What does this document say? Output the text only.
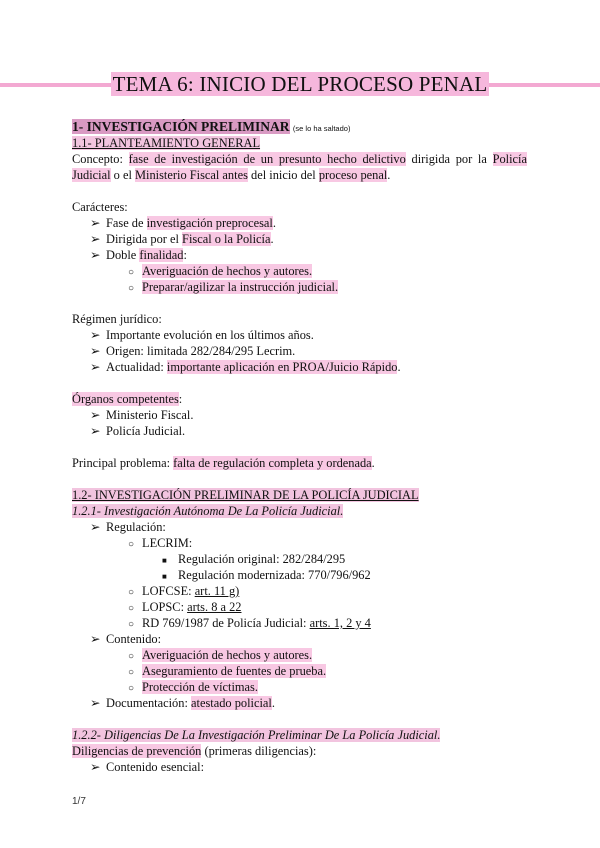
TEMA 6: INICIO DEL PROCESO PENAL
1- INVESTIGACIÓN PRELIMINAR (se lo ha saltado)
1.1- PLANTEAMIENTO GENERAL
Concepto: fase de investigación de un presunto hecho delictivo dirigida por la Policía
Judicial o el Ministerio Fiscal antes del inicio del proceso penal.
Carácteres:
➢ Fase de investigación preprocesal.
➢ Dirigida por el Fiscal o la Policía.
➢ Doble finalidad:
○ Averiguación de hechos y autores.
○ Preparar/agilizar la instrucción judicial.
Régimen jurídico:
➢ Importante evolución en los últimos años.
➢ Origen: limitada 282/284/295 Lecrim.
➢ Actualidad: importante aplicación en PROA/Juicio Rápido.
Órganos competentes:
➢ Ministerio Fiscal.
➢ Policía Judicial.
Principal problema: falta de regulación completa y ordenada.
1.2- INVESTIGACIÓN PRELIMINAR DE LA POLICÍA JUDICIAL
1.2.1- Investigación Autónoma De La Policía Judicial.
➢ Regulación:
○ LECRIM:
■ Regulación original: 282/284/295
■ Regulación modernizada: 770/796/962
○ LOFCSE: art. 11 g)
○ LOPSC: arts. 8 a 22
○ RD 769/1987 de Policía Judicial: arts. 1, 2 y 4
➢ Contenido:
○ Averiguación de hechos y autores.
○ Aseguramiento de fuentes de prueba.
○ Protección de víctimas.
➢ Documentación: atestado policial.
1.2.2- Diligencias De La Investigación Preliminar De La Policía Judicial.
Diligencias de prevención (primeras diligencias):
➢ Contenido esencial:
1/7
